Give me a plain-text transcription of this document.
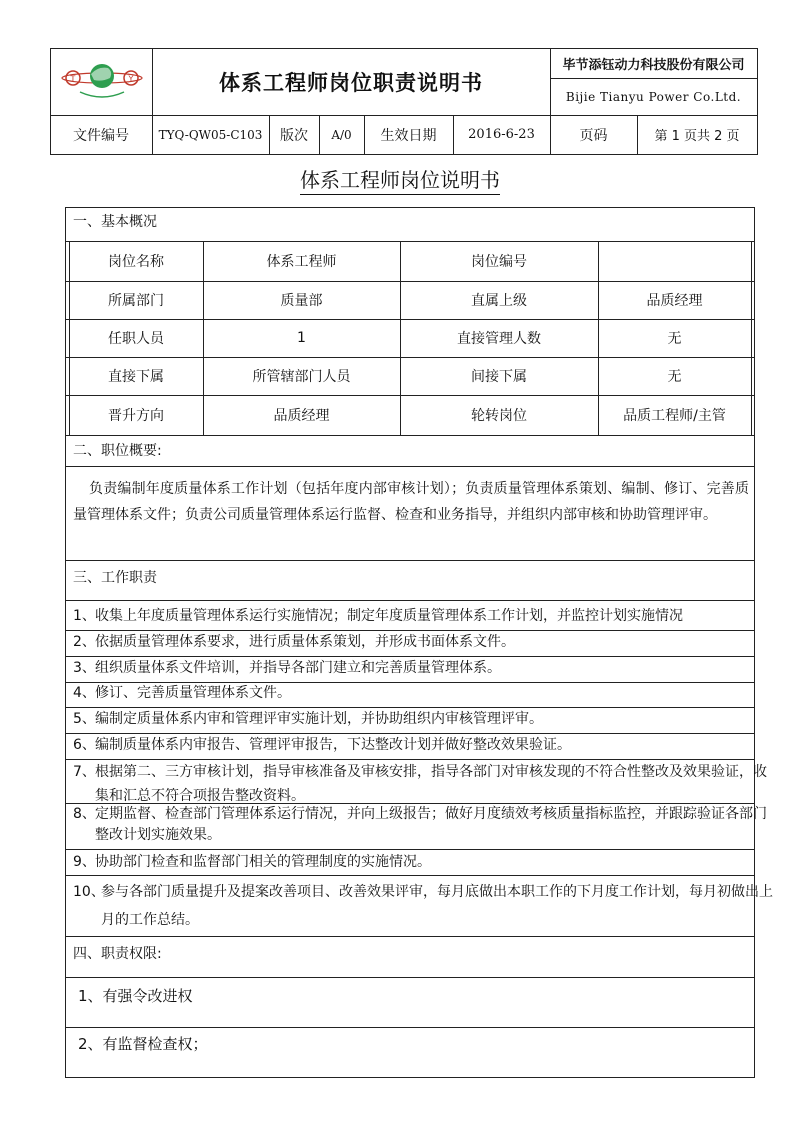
T	Y	体系工程师岗位职责说明书
毕节添钰动力科技股份有限公司
Bijie Tianyu Power Co.Ltd.
文件编号	TYQ-QW05-C103	版次	A/0	生效日期	2016-6-23	页码	第 1 页共 2 页
体系工程师岗位说明书
一、基本概况
岗位名称	体系工程师	岗位编号
所属部门	质量部	直属上级	品质经理
任职人员	1	直接管理人数	无
直接下属	所管辖部门人员	间接下属	无
晋升方向	品质经理	轮转岗位	品质工程师/主管
二、职位概要:
负责编制年度质量体系工作计划（包括年度内部审核计划）；负责质量管理体系策划、编制、修订、完善质量管理体系文件；负责公司质量管理体系运行监督、检查和业务指导，并组织内部审核和协助管理评审。
三、工作职责
1、收集上年度质量管理体系运行实施情况；制定年度质量管理体系工作计划，并监控计划实施情况
2、依据质量管理体系要求，进行质量体系策划，并形成书面体系文件。
3、组织质量体系文件培训，并指导各部门建立和完善质量管理体系。
4、修订、完善质量管理体系文件。
5、编制定质量体系内审和管理评审实施计划，并协助组织内审核管理评审。
6、编制质量体系内审报告、管理评审报告，下达整改计划并做好整改效果验证。
7、根据第二、三方审核计划，指导审核准备及审核安排，指导各部门对审核发现的不符合性整改及效果验证，收集和汇总不符合项报告整改资料。
8、定期监督、检查部门管理体系运行情况，并向上级报告；做好月度绩效考核质量指标监控，并跟踪验证各部门整改计划实施效果。
9、协助部门检查和监督部门相关的管理制度的实施情况。
10、参与各部门质量提升及提案改善项目、改善效果评审，每月底做出本职工作的下月度工作计划，每月初做出上月的工作总结。
四、职责权限:
1、有强令改进权
2、有监督检查权；
